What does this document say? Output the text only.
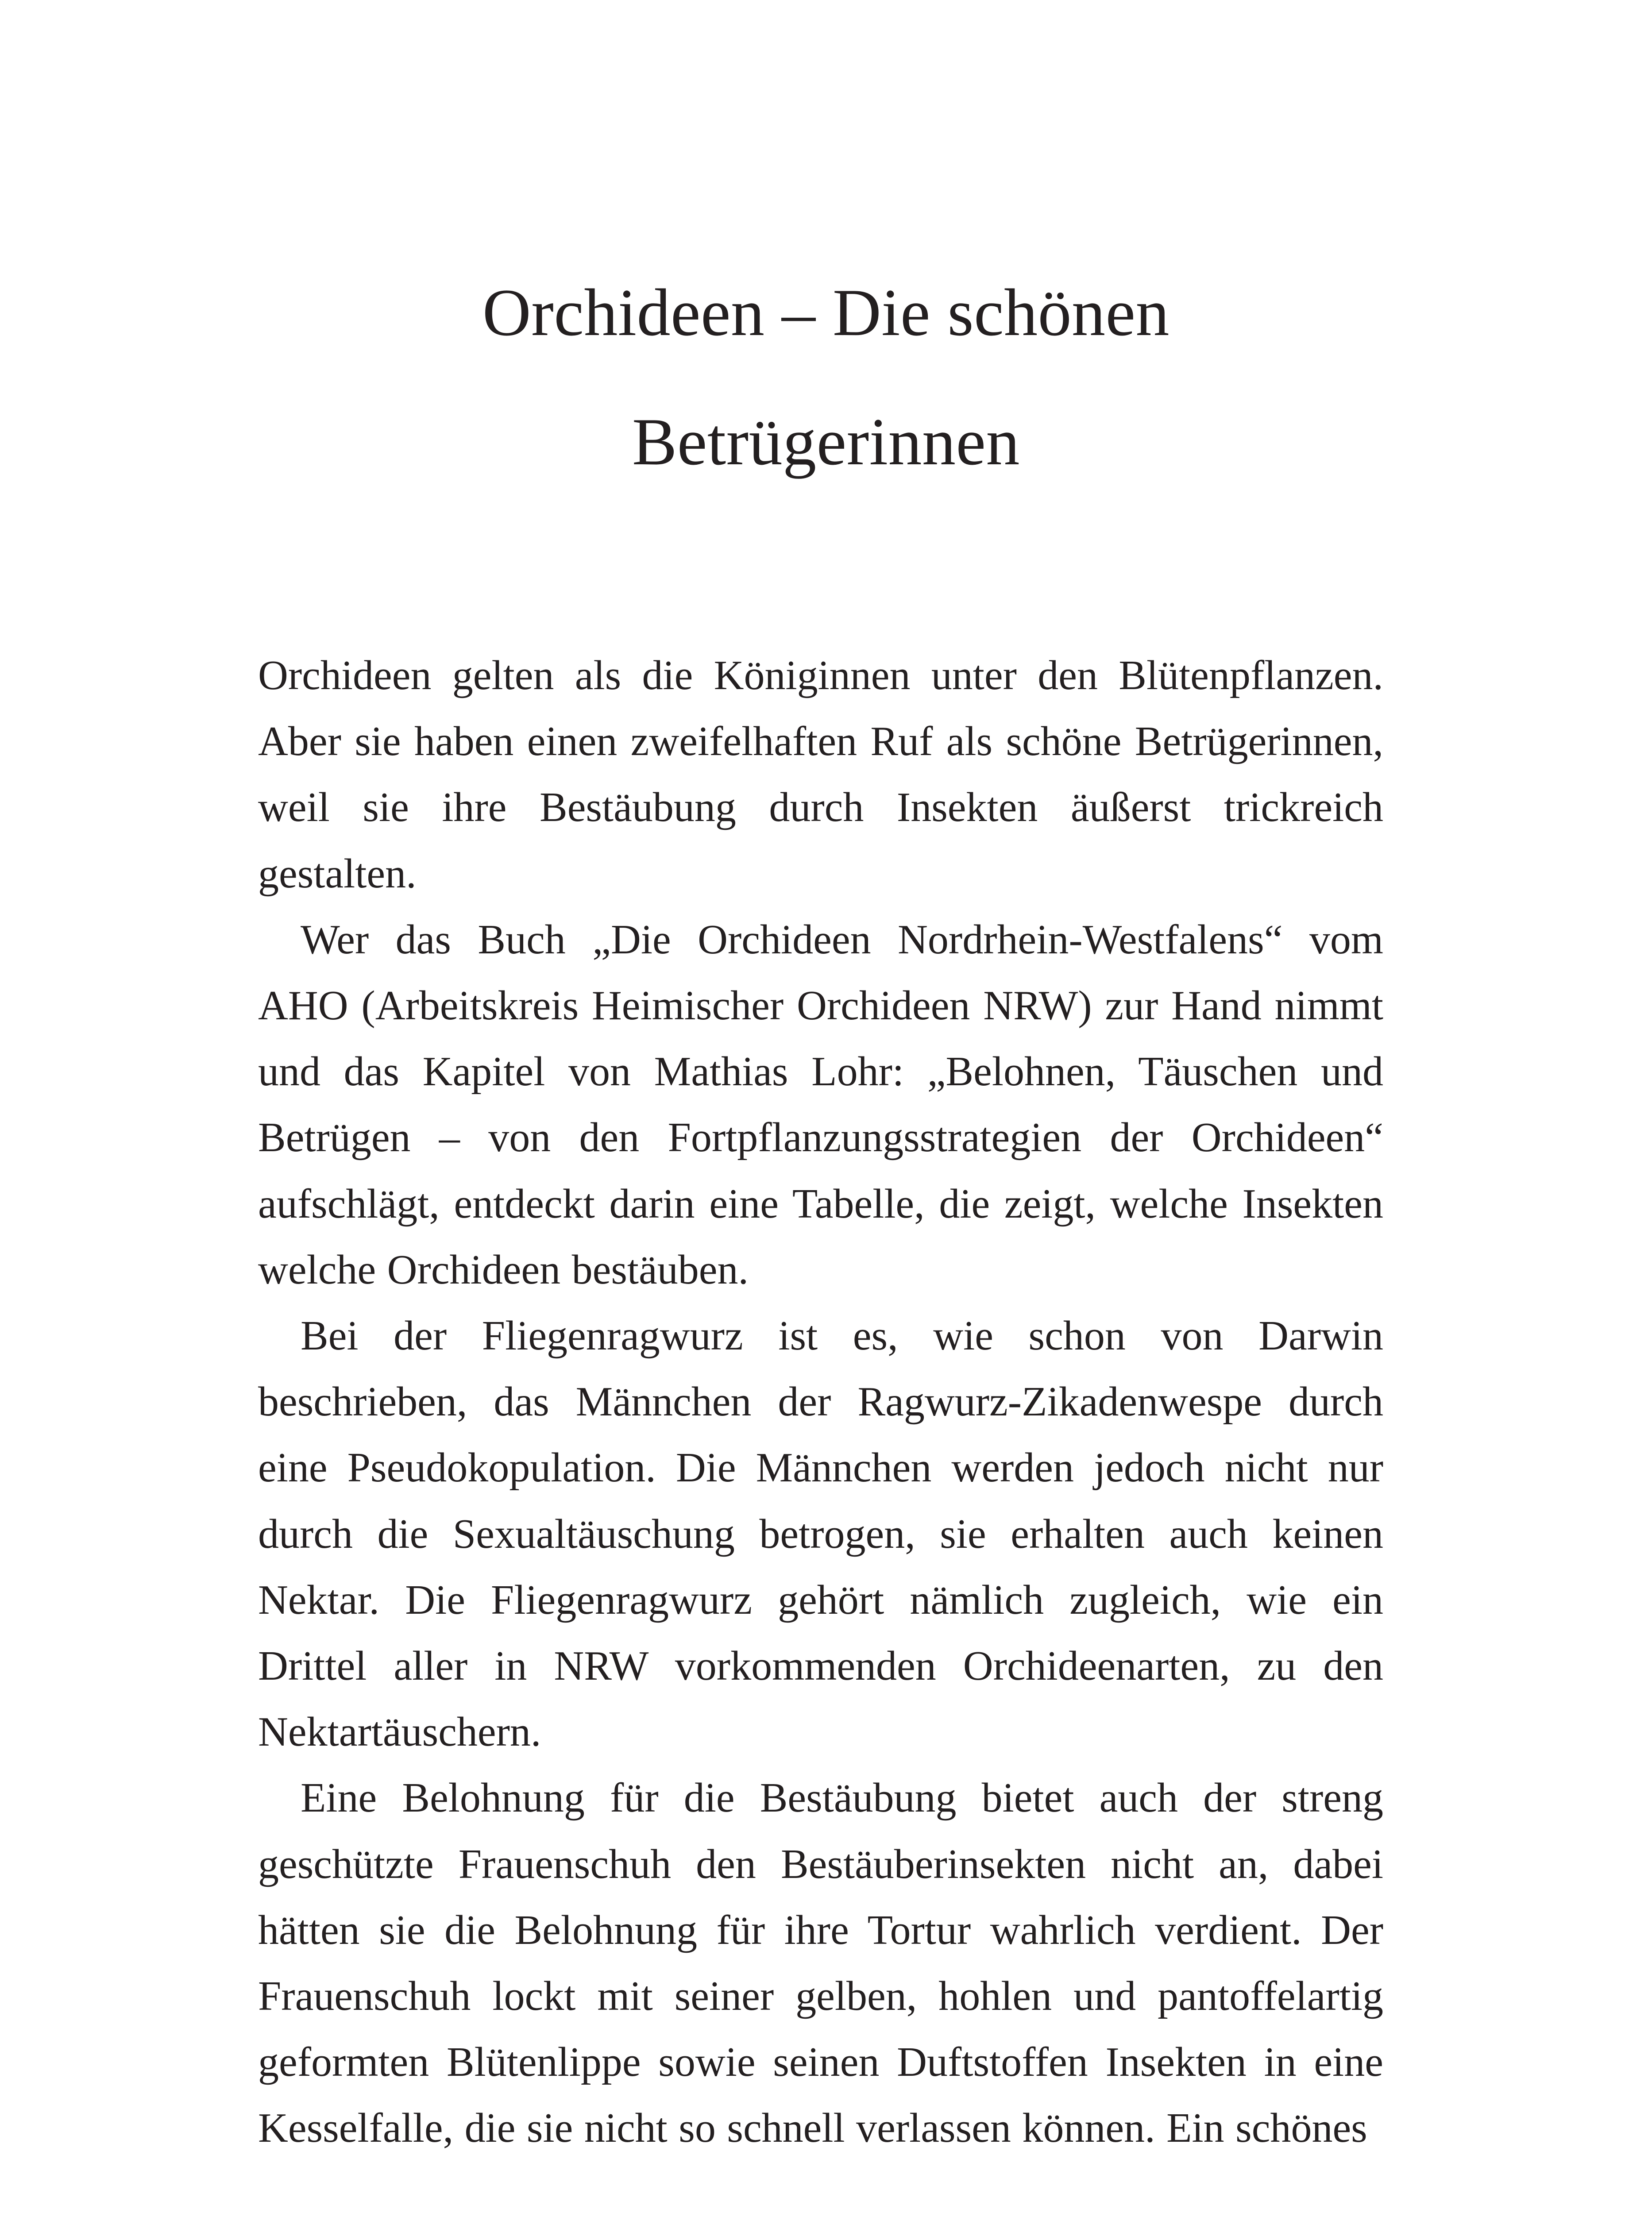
Orchideen – Die schönen
Betrügerinnen

Orchideen gelten als die Königinnen unter den Blütenpflanzen. Aber sie haben einen zweifelhaften Ruf als schöne Betrügerinnen, weil sie ihre Bestäubung durch Insekten äußerst trickreich gestalten.

Wer das Buch „Die Orchideen Nordrhein-Westfalens“ vom AHO (Arbeitskreis Heimischer Orchideen NRW) zur Hand nimmt und das Kapitel von Mathias Lohr: „Belohnen, Täuschen und Betrügen – von den Fortpflanzungsstrategien der Orchideen“ aufschlägt, entdeckt darin eine Tabelle, die zeigt, welche Insekten welche Orchideen bestäuben.

Bei der Fliegenragwurz ist es, wie schon von Darwin beschrieben, das Männchen der Ragwurz-Zikadenwespe durch eine Pseudokopulation. Die Männchen werden jedoch nicht nur durch die Sexualtäuschung betrogen, sie erhalten auch keinen Nektar. Die Fliegenragwurz gehört nämlich zugleich, wie ein Drittel aller in NRW vorkommenden Orchideenarten, zu den Nektartäuschern.

Eine Belohnung für die Bestäubung bietet auch der streng geschützte Frauenschuh den Bestäuberinsekten nicht an, dabei hätten sie die Belohnung für ihre Tortur wahrlich verdient. Der Frauenschuh lockt mit seiner gelben, hohlen und pantoffelartig geformten Blütenlippe sowie seinen Duftstoffen Insekten in eine Kesselfalle, die sie nicht so schnell verlassen können. Ein schönes
